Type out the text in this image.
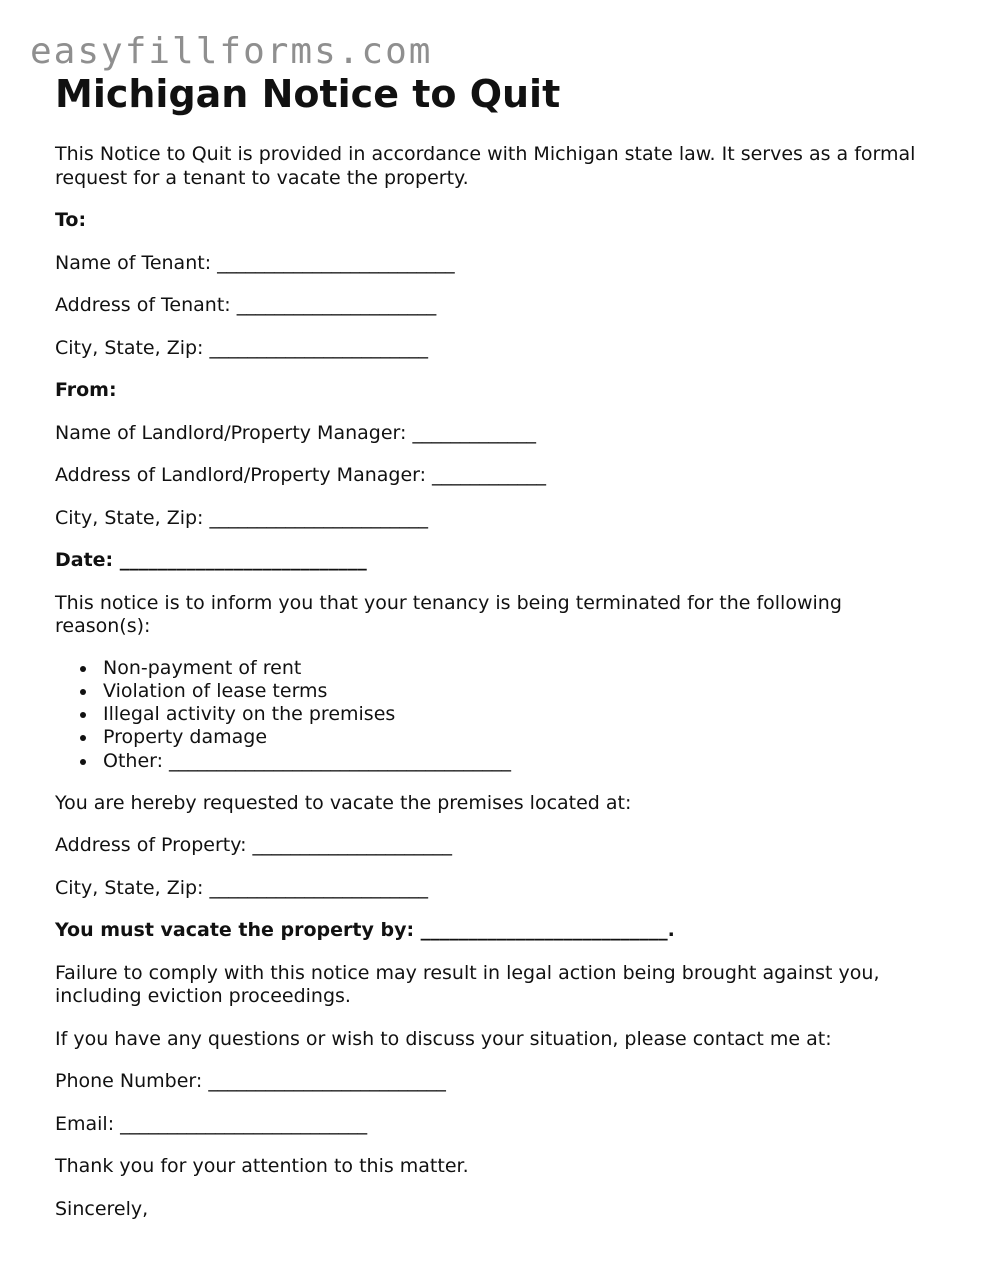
easyfillforms.com
Michigan Notice to Quit

This Notice to Quit is provided in accordance with Michigan state law. It serves as a formal request for a tenant to vacate the property.

To:

Name of Tenant: _________________________

Address of Tenant: _____________________

City, State, Zip: _______________________

From:

Name of Landlord/Property Manager: _____________

Address of Landlord/Property Manager: ____________

City, State, Zip: _______________________

Date: __________________________

This notice is to inform you that your tenancy is being terminated for the following reason(s):

Non-payment of rent
Violation of lease terms
Illegal activity on the premises
Property damage
Other: ____________________________________

You are hereby requested to vacate the premises located at:

Address of Property: _____________________

City, State, Zip: _______________________

You must vacate the property by: __________________________.

Failure to comply with this notice may result in legal action being brought against you, including eviction proceedings.

If you have any questions or wish to discuss your situation, please contact me at:

Phone Number: _________________________

Email: __________________________

Thank you for your attention to this matter.

Sincerely,
